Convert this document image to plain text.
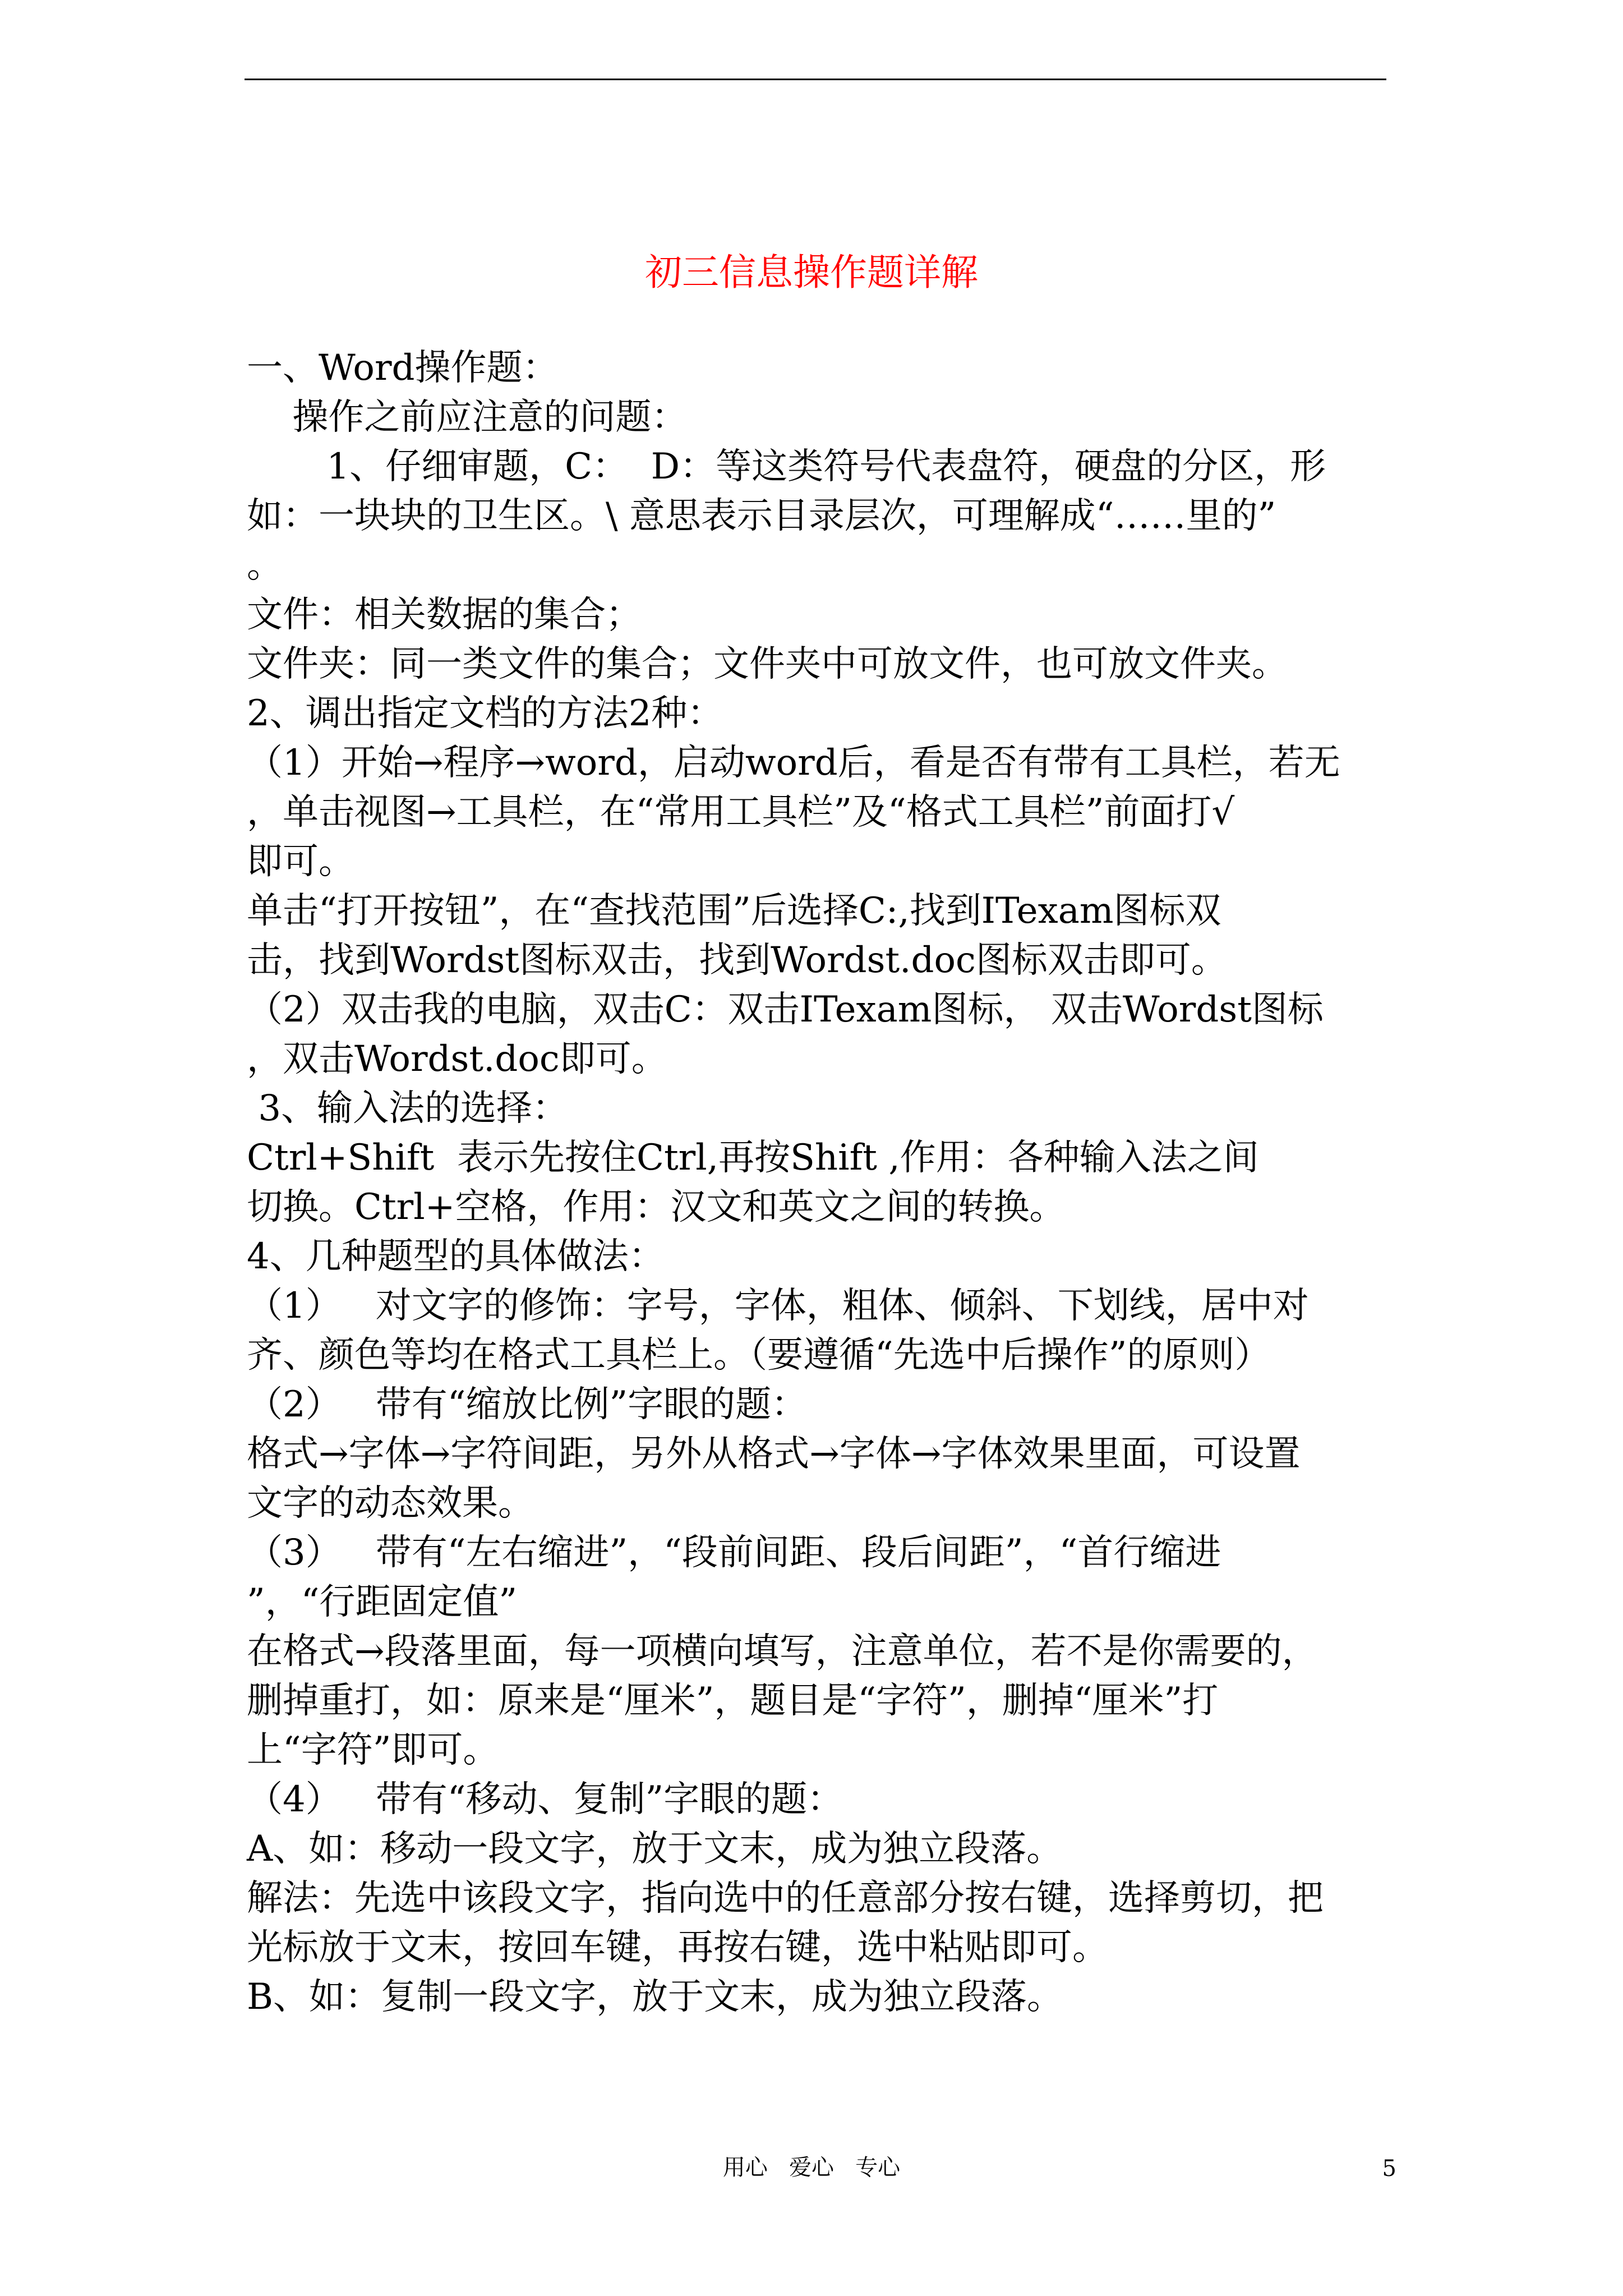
初三信息操作题详解
一、Word操作题：
操作之前应注意的问题：
1、仔细审题，C：  D：等这类符号代表盘符，硬盘的分区，形
如：一块块的卫生区。\ 意思表示目录层次，可理解成“……里的”
。
文件：相关数据的集合；
文件夹：同一类文件的集合；文件夹中可放文件，也可放文件夹。
2、调出指定文档的方法2种：
（1）开始→程序→word，启动word后，看是否有带有工具栏，若无
，单击视图→工具栏，在“常用工具栏”及“格式工具栏”前面打√
即可。
单击“打开按钮”，在“查找范围”后选择C:,找到ITexam图标双
击，找到Wordst图标双击，找到Wordst.doc图标双击即可。
（2）双击我的电脑，双击C：双击ITexam图标， 双击Wordst图标
，双击Wordst.doc即可。
3、输入法的选择：
Ctrl+Shift  表示先按住Ctrl,再按Shift ,作用：各种输入法之间
切换。Ctrl+空格，作用：汉文和英文之间的转换。
4、几种题型的具体做法：
（1）   对文字的修饰：字号，字体，粗体、倾斜、下划线，居中对
齐、颜色等均在格式工具栏上。（要遵循“先选中后操作”的原则）
（2）   带有“缩放比例”字眼的题：
格式→字体→字符间距，另外从格式→字体→字体效果里面，可设置
文字的动态效果。
（3）   带有“左右缩进”，“段前间距、段后间距”，“首行缩进
”，“行距固定值”
在格式→段落里面，每一项横向填写，注意单位，若不是你需要的，
删掉重打，如：原来是“厘米”，题目是“字符”，删掉“厘米”打
上“字符”即可。
（4）   带有“移动、复制”字眼的题：
A、如：移动一段文字，放于文末，成为独立段落。
解法：先选中该段文字，指向选中的任意部分按右键，选择剪切，把
光标放于文末，按回车键，再按右键，选中粘贴即可。
B、如：复制一段文字，放于文末，成为独立段落。
用心   爱心   专心	5
